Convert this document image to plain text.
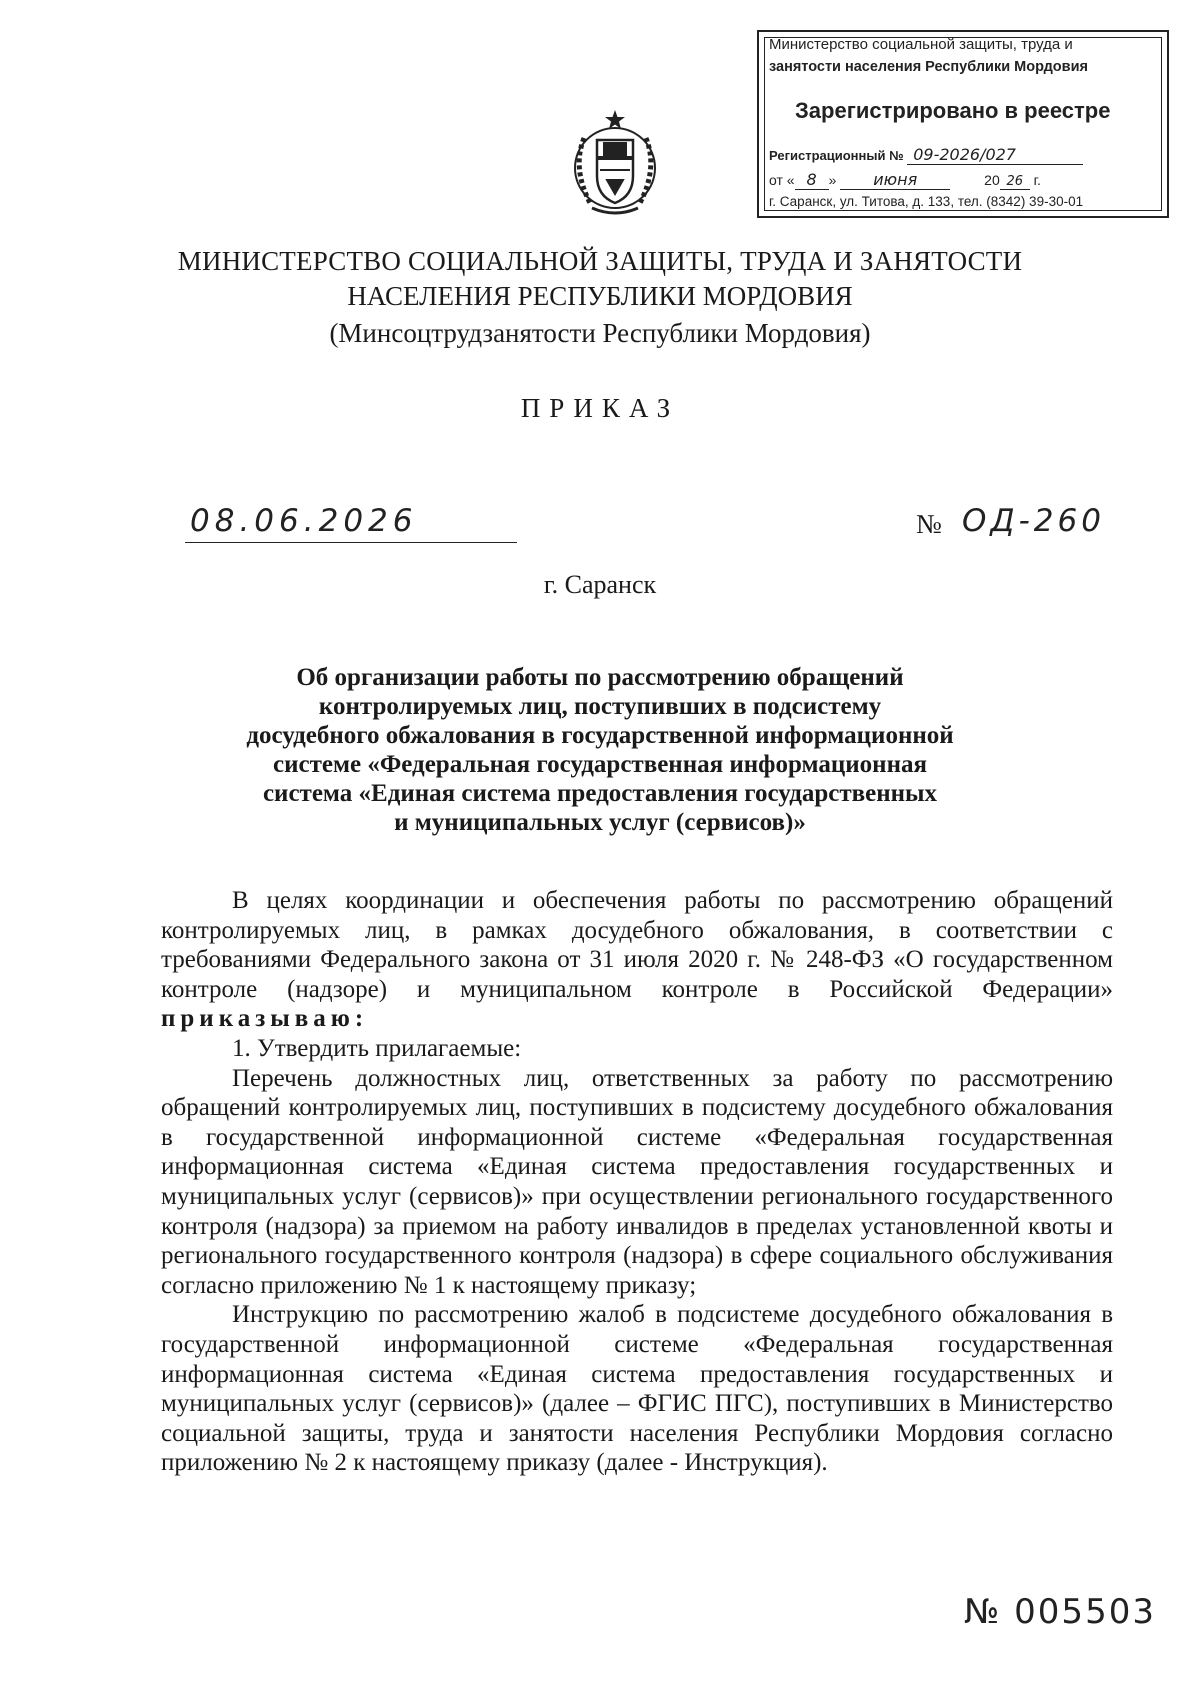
Министерство социальной защиты, труда и
занятости населения Республики Мордовия
Зарегистрировано в реестре
Регистрационный № 09-2026/027
от « 8 » июня	20 26 г.
г. Саранск, ул. Титова, д. 133, тел. (8342) 39-30-01
МИНИСТЕРСТВО СОЦИАЛЬНОЙ ЗАЩИТЫ, ТРУДА И ЗАНЯТОСТИ
НАСЕЛЕНИЯ РЕСПУБЛИКИ МОРДОВИЯ
(Минсоцтрудзанятости Республики Мордовия)
ПРИКАЗ
08.06.2026	№ ОД-260
г. Саранск
Об организации работы по рассмотрению обращений
контролируемых лиц, поступивших в подсистему
досудебного обжалования в государственной информационной
системе «Федеральная государственная информационная
система «Единая система предоставления государственных
и муниципальных услуг (сервисов)»

В целях координации и обеспечения работы по рассмотрению обращений контролируемых лиц, в рамках досудебного обжалования, в соответствии с требованиями Федерального закона от 31 июля 2020 г. № 248-ФЗ «О государственном контроле (надзоре) и муниципальном контроле в Российской Федерации» приказываю:

1. Утвердить прилагаемые:

Перечень должностных лиц, ответственных за работу по рассмотрению обращений контролируемых лиц, поступивших в подсистему досудебного обжалования в государственной информационной системе «Федеральная государственная информационная система «Единая система предоставления государственных и муниципальных услуг (сервисов)» при осуществлении регионального государственного контроля (надзора) за приемом на работу инвалидов в пределах установленной квоты и регионального государственного контроля (надзора) в сфере социального обслуживания согласно приложению № 1 к настоящему приказу;

Инструкцию по рассмотрению жалоб в подсистеме досудебного обжалования в государственной информационной системе «Федеральная государственная информационная система «Единая система предоставления государственных и муниципальных услуг (сервисов)» (далее – ФГИС ПГС), поступивших в Министерство социальной защиты, труда и занятости населения Республики Мордовия согласно приложению № 2 к настоящему приказу (далее - Инструкция).

№ 005503
